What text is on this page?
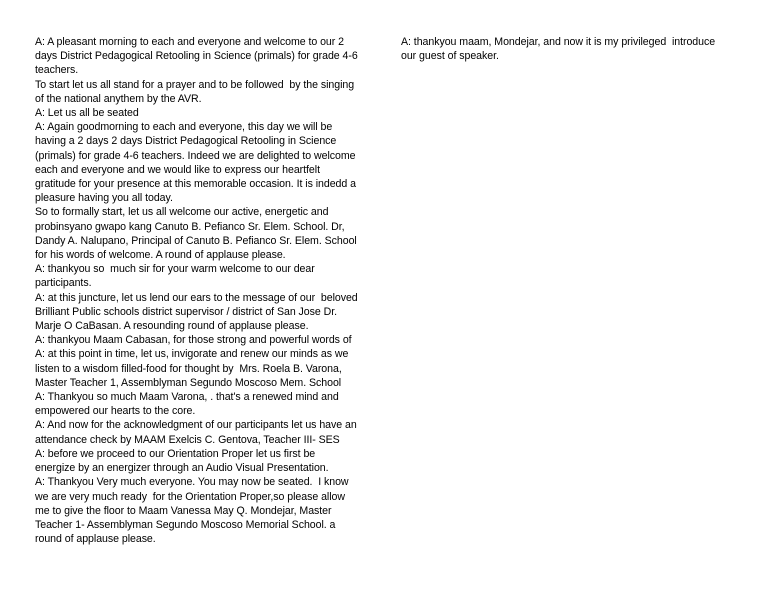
A: A pleasant morning to each and everyone and welcome to our 2
days District Pedagogical Retooling in Science (primals) for grade 4-6
teachers.
To start let us all stand for a prayer and to be followed  by the singing
of the national anythem by the AVR.
A: Let us all be seated
A: Again goodmorning to each and everyone, this day we will be
having a 2 days 2 days District Pedagogical Retooling in Science
(primals) for grade 4-6 teachers. Indeed we are delighted to welcome
each and everyone and we would like to express our heartfelt
gratitude for your presence at this memorable occasion. It is indedd a
pleasure having you all today.
So to formally start, let us all welcome our active, energetic and
probinsyano gwapo kang Canuto B. Pefianco Sr. Elem. School. Dr,
Dandy A. Nalupano, Principal of Canuto B. Pefianco Sr. Elem. School
for his words of welcome. A round of applause please.
A: thankyou so  much sir for your warm welcome to our dear
participants.
A: at this juncture, let us lend our ears to the message of our  beloved
Brilliant Public schools district supervisor / district of San Jose Dr.
Marje O CaBasan. A resounding round of applause please.
A: thankyou Maam Cabasan, for those strong and powerful words of
A: at this point in time, let us, invigorate and renew our minds as we
listen to a wisdom filled-food for thought by  Mrs. Roela B. Varona,
Master Teacher 1, Assemblyman Segundo Moscoso Mem. School
A: Thankyou so much Maam Varona, . that's a renewed mind and
empowered our hearts to the core.
A: And now for the acknowledgment of our participants let us have an
attendance check by MAAM Exelcis C. Gentova, Teacher III- SES
A: before we proceed to our Orientation Proper let us first be
energize by an energizer through an Audio Visual Presentation.
A: Thankyou Very much everyone. You may now be seated.  I know
we are very much ready  for the Orientation Proper,so please allow
me to give the floor to Maam Vanessa May Q. Mondejar, Master
Teacher 1- Assemblyman Segundo Moscoso Memorial School. a
round of applause please.
A: thankyou maam, Mondejar, and now it is my privileged  introduce
our guest of speaker.
